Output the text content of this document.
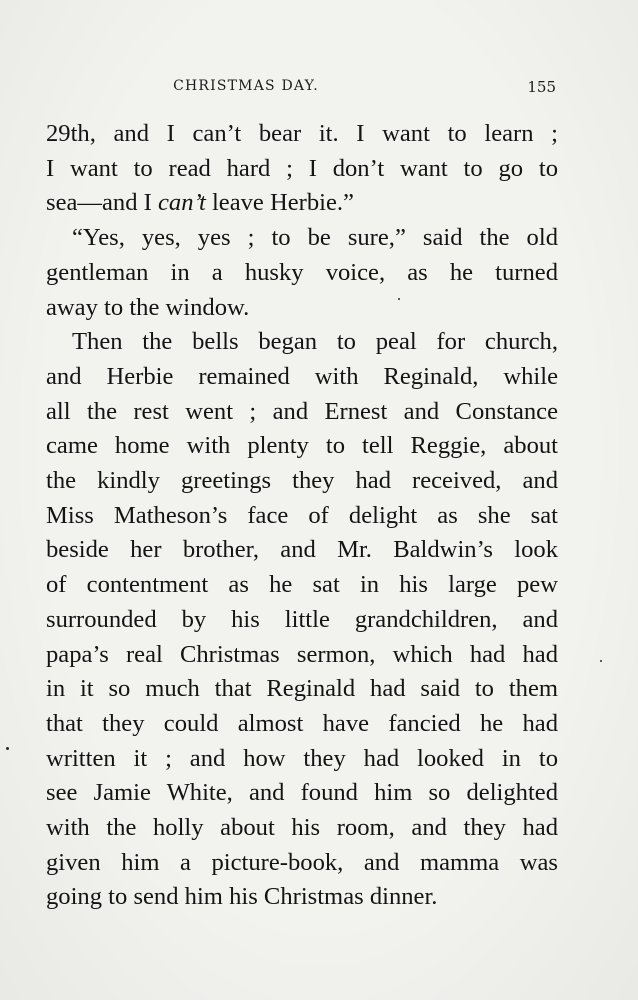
CHRISTMAS DAY.	155
29th, and I can’t bear it. I want to learn ;
I want to read hard ; I don’t want to go to
sea—and I can’t leave Herbie.”
“Yes, yes, yes ; to be sure,” said the old
gentleman in a husky voice, as he turned
away to the window.
Then the bells began to peal for church,
and Herbie remained with Reginald, while
all the rest went ; and Ernest and Constance
came home with plenty to tell Reggie, about
the kindly greetings they had received, and
Miss Matheson’s face of delight as she sat
beside her brother, and Mr. Baldwin’s look
of contentment as he sat in his large pew
surrounded by his little grandchildren, and
papa’s real Christmas sermon, which had had
in it so much that Reginald had said to them
that they could almost have fancied he had
written it ; and how they had looked in to
see Jamie White, and found him so delighted
with the holly about his room, and they had
given him a picture-book, and mamma was
going to send him his Christmas dinner.
